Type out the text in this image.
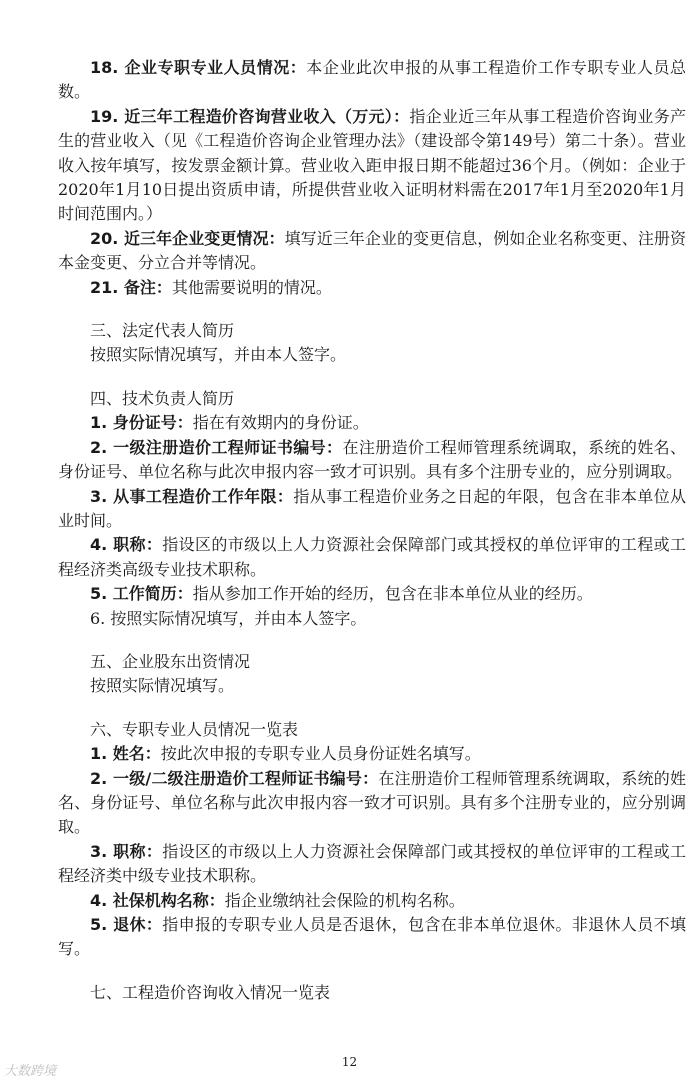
18. 企业专职专业人员情况：本企业此次申报的从事工程造价工作专职专业人员总数。

19. 近三年工程造价咨询营业收入（万元）：指企业近三年从事工程造价咨询业务产生的营业收入（见《工程造价咨询企业管理办法》（建设部令第149号）第二十条）。营业收入按年填写，按发票金额计算。营业收入距申报日期不能超过36个月。（例如：企业于2020年1月10日提出资质申请，所提供营业收入证明材料需在2017年1月至2020年1月时间范围内。）

20. 近三年企业变更情况：填写近三年企业的变更信息，例如企业名称变更、注册资本金变更、分立合并等情况。

21. 备注：其他需要说明的情况。

三、法定代表人简历

按照实际情况填写，并由本人签字。

四、技术负责人简历

1. 身份证号：指在有效期内的身份证。

2. 一级注册造价工程师证书编号：在注册造价工程师管理系统调取，系统的姓名、身份证号、单位名称与此次申报内容一致才可识别。具有多个注册专业的，应分别调取。

3. 从事工程造价工作年限：指从事工程造价业务之日起的年限，包含在非本单位从业时间。

4. 职称：指设区的市级以上人力资源社会保障部门或其授权的单位评审的工程或工程经济类高级专业技术职称。

5. 工作简历：指从参加工作开始的经历，包含在非本单位从业的经历。

6. 按照实际情况填写，并由本人签字。

五、企业股东出资情况

按照实际情况填写。

六、专职专业人员情况一览表

1. 姓名：按此次申报的专职专业人员身份证姓名填写。

2. 一级/二级注册造价工程师证书编号：在注册造价工程师管理系统调取，系统的姓名、身份证号、单位名称与此次申报内容一致才可识别。具有多个注册专业的，应分别调取。

3. 职称：指设区的市级以上人力资源社会保障部门或其授权的单位评审的工程或工程经济类中级专业技术职称。

4. 社保机构名称：指企业缴纳社会保险的机构名称。

5. 退休：指申报的专职专业人员是否退休，包含在非本单位退休。非退休人员不填写。

七、工程造价咨询收入情况一览表

12
大数跨境
